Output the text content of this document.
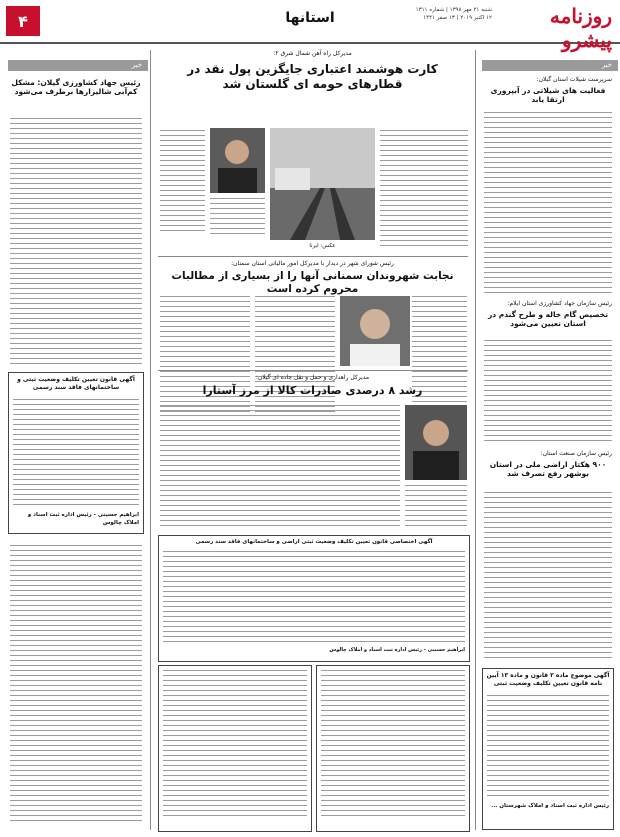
۴	استانها	روزنامه پیشرو
شنبه ۲۱ مهر ۱۳۹۸ | شماره ۱۳۱۱
۱۲ اکتبر ۲۰۱۹ | ۱۳ صفر ۱۴۴۱
خبر
رئیس جهاد کشاورزی گیلان: مشکل کم‌آبی شالیزارها برطرف می‌شود
آگهی قانون تعیین تکلیف وضعیت ثبتی و ساختمانهای فاقد سند رسمی
ابراهیم حسینی - رئیس اداره ثبت اسناد و املاک چالوس
مدیرکل راه آهن شمال شرق ۲:
کارت هوشمند اعتباری جایگزین پول نقد در قطارهای حومه ای گلستان شد
عکس: ایرنا
رئیس شورای شهر در دیدار با مدیرکل امور مالیاتی استان سمنان:
نجابت شهروندان سمنانی آنها را از بسیاری از مطالبات محروم کرده است
مدیرکل راهداری و حمل و نقل جاده ای گیلان:
رشد ۸ درصدی صادرات کالا از مرز آستارا
آگهی اختصاصی قانون تعیین تکلیف وضعیت ثبتی اراضی و ساختمانهای فاقد سند رسمی
ابراهیم حسینی - رئیس اداره ثبت اسناد و املاک چالوس
خبر
سرپرست شیلات استان گیلان:
فعالیت های شیلاتی در آبپروری ارتقا یابد
رئیس سازمان جهاد کشاورزی استان ایلام:
تخصیص گام خاله و طرح گندم در استان تعیین می‌شود
رئیس سازمان صنعت استان:
۹۰۰ هکتار اراضی ملی در استان بوشهر رفع تصرف شد
آگهی موضوع ماده ۳ قانون و ماده ۱۳ آیین نامه قانون تعیین تکلیف وضعیت ثبتی
رئیس اداره ثبت اسناد و املاک شهرستان ...
